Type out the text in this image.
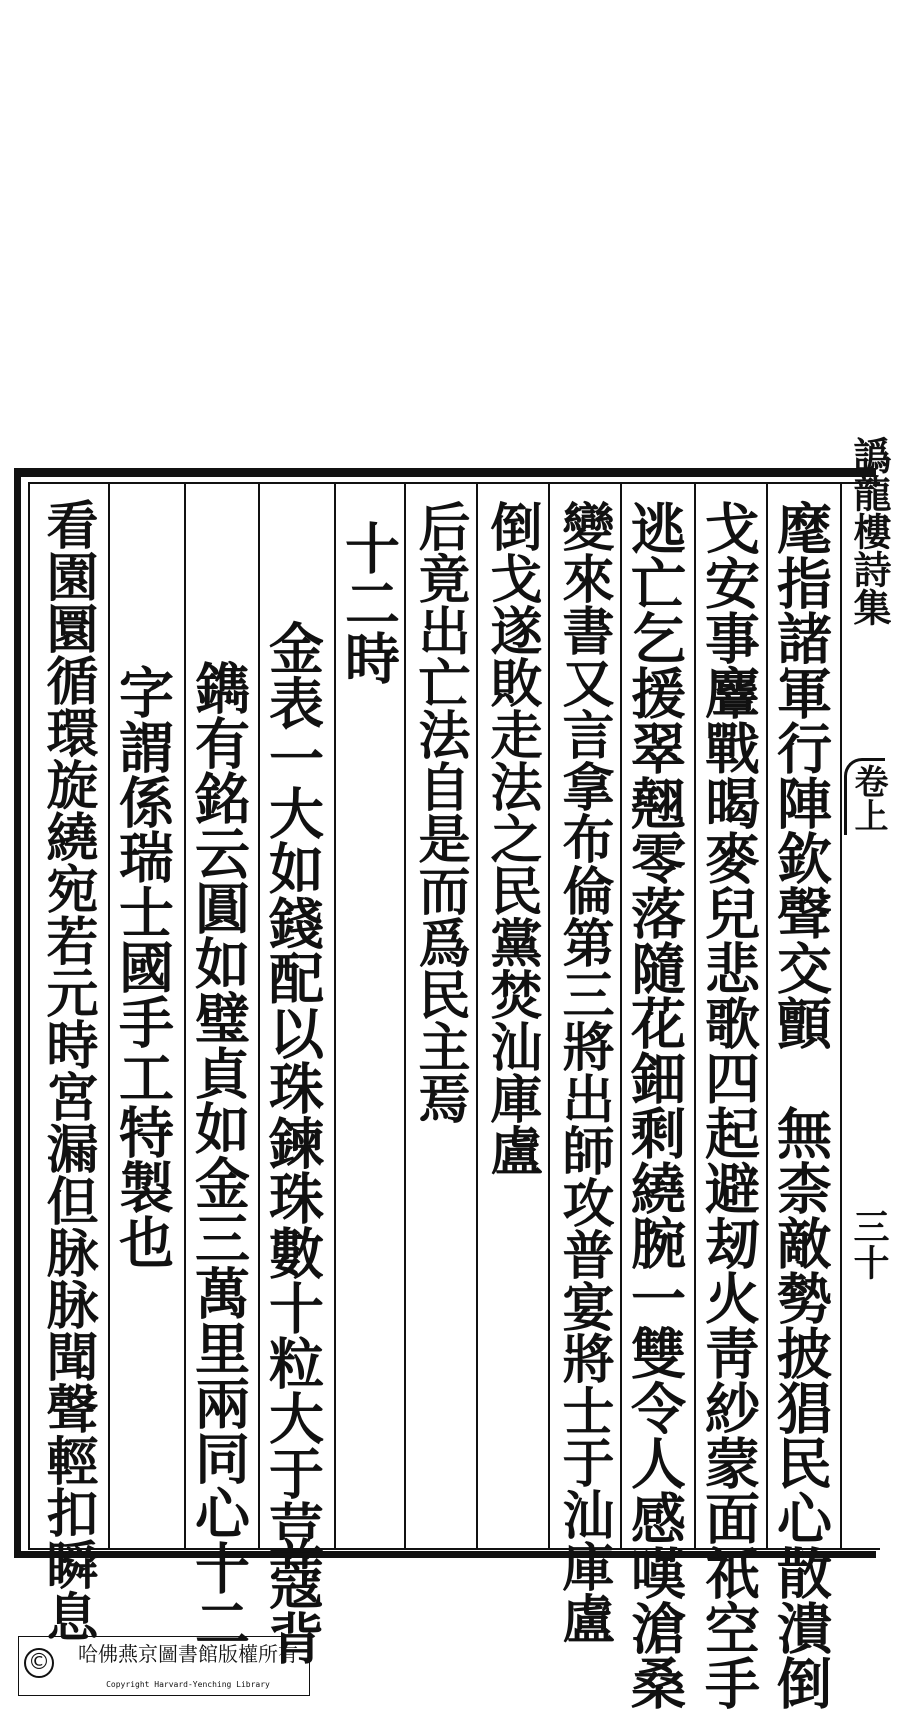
譌龍樓詩集
卷上
三十
麾指諸軍行陣欽聲交顫　無柰敵勢披猖民心散潰倒
戈安事麞戰暍麥兒悲歌四起避刼火靑紗蒙面祇空手
逃亡乞援翠翹零落隨花鈿剩繞腕一雙令人感嘆滄桑
變來書又言拿布倫第三將出師攻普宴將士于汕庫盧
倒戈遂敗走法之民黨焚汕庫盧
后竟出亡法自是而爲民主焉
十二時
金表一大如錢配以珠鍊珠數十粒大于荳蔻背
鐫有銘云圓如璧貞如金三萬里兩同心十二
字謂係瑞士國手工特製也
看園圜循環旋繞宛若元時宮漏但脉脉聞聲輕扣瞬息
©	哈佛燕京圖書館版權所有
Copyright Harvard-Yenching Library
